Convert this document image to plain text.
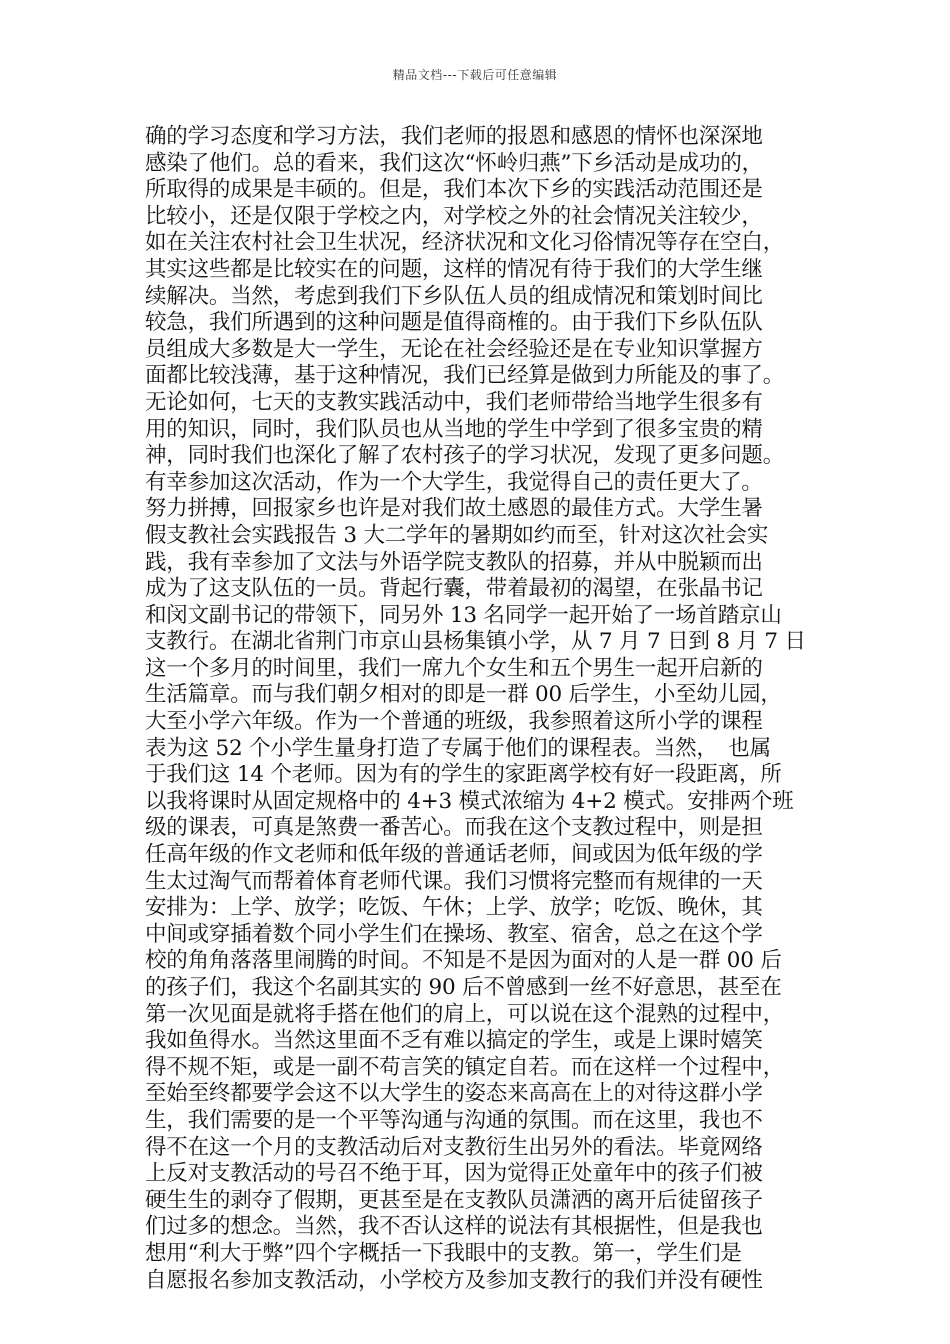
精品文档---下载后可任意编辑
确的学习态度和学习方法，我们老师的报恩和感恩的情怀也深深地
感染了他们。总的看来，我们这次“怀岭归燕”下乡活动是成功的，
所取得的成果是丰硕的。但是，我们本次下乡的实践活动范围还是
比较小，还是仅限于学校之内，对学校之外的社会情况关注较少，
如在关注农村社会卫生状况，经济状况和文化习俗情况等存在空白，
其实这些都是比较实在的问题，这样的情况有待于我们的大学生继
续解决。当然，考虑到我们下乡队伍人员的组成情况和策划时间比
较急，我们所遇到的这种问题是值得商榷的。由于我们下乡队伍队
员组成大多数是大一学生，无论在社会经验还是在专业知识掌握方
面都比较浅薄，基于这种情况，我们已经算是做到力所能及的事了。
无论如何，七天的支教实践活动中，我们老师带给当地学生很多有
用的知识，同时，我们队员也从当地的学生中学到了很多宝贵的精
神，同时我们也深化了解了农村孩子的学习状况，发现了更多问题。
有幸参加这次活动，作为一个大学生，我觉得自己的责任更大了。
努力拼搏，回报家乡也许是对我们故土感恩的最佳方式。大学生暑
假支教社会实践报告 3 大二学年的暑期如约而至，针对这次社会实
践，我有幸参加了文法与外语学院支教队的招募，并从中脱颖而出
成为了这支队伍的一员。背起行囊，带着最初的渴望，在张晶书记
和闵文副书记的带领下，同另外 13 名同学一起开始了一场首踏京山
支教行。在湖北省荆门市京山县杨集镇小学，从 7 月 7 日到 8 月 7 日
这一个多月的时间里，我们一席九个女生和五个男生一起开启新的
生活篇章。而与我们朝夕相对的即是一群 00 后学生，小至幼儿园，
大至小学六年级。作为一个普通的班级，我参照着这所小学的课程
表为这 52 个小学生量身打造了专属于他们的课程表。当然，　也属
于我们这 14 个老师。因为有的学生的家距离学校有好一段距离，所
以我将课时从固定规格中的 4+3 模式浓缩为 4+2 模式。安排两个班
级的课表，可真是煞费一番苦心。而我在这个支教过程中，则是担
任高年级的作文老师和低年级的普通话老师，间或因为低年级的学
生太过淘气而帮着体育老师代课。我们习惯将完整而有规律的一天
安排为：上学、放学；吃饭、午休；上学、放学；吃饭、晚休，其
中间或穿插着数个同小学生们在操场、教室、宿舍，总之在这个学
校的角角落落里闹腾的时间。不知是不是因为面对的人是一群 00 后
的孩子们，我这个名副其实的 90 后不曾感到一丝不好意思，甚至在
第一次见面是就将手搭在他们的肩上，可以说在这个混熟的过程中，
我如鱼得水。当然这里面不乏有难以搞定的学生，或是上课时嬉笑
得不规不矩，或是一副不苟言笑的镇定自若。而在这样一个过程中，
至始至终都要学会这不以大学生的姿态来高高在上的对待这群小学
生，我们需要的是一个平等沟通与沟通的氛围。而在这里，我也不
得不在这一个月的支教活动后对支教衍生出另外的看法。毕竟网络
上反对支教活动的号召不绝于耳，因为觉得正处童年中的孩子们被
硬生生的剥夺了假期，更甚至是在支教队员潇洒的离开后徒留孩子
们过多的想念。当然，我不否认这样的说法有其根据性，但是我也
想用“利大于弊”四个字概括一下我眼中的支教。第一，学生们是
自愿报名参加支教活动，小学校方及参加支教行的我们并没有硬性
